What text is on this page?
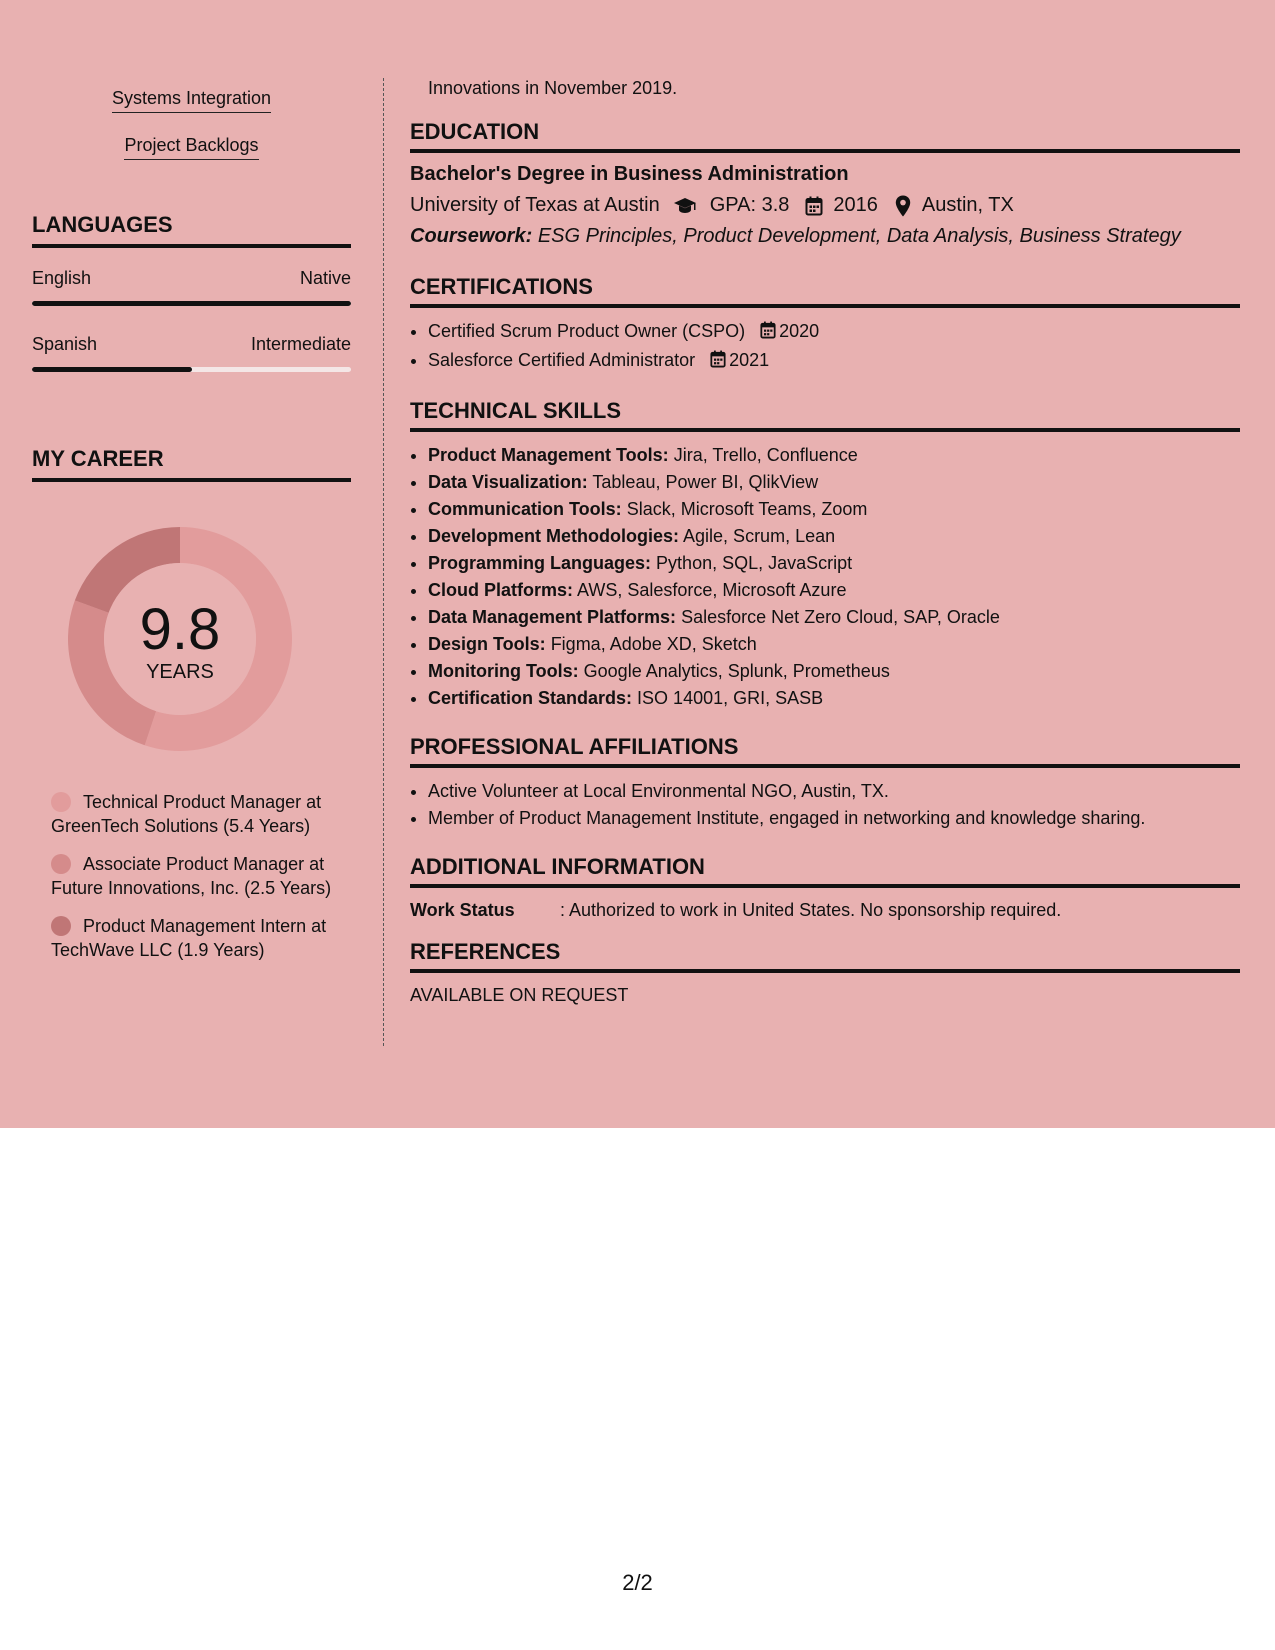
Systems Integration
Project Backlogs
LANGUAGES
English	Native
Spanish	Intermediate
MY CAREER
9.8
YEARS
Technical Product Manager at GreenTech Solutions (5.4 Years)
Associate Product Manager at Future Innovations, Inc. (2.5 Years)
Product Management Intern at TechWave LLC (1.9 Years)

Innovations in November 2019.

EDUCATION
Bachelor's Degree in Business Administration
University of Texas at Austin	GPA: 3.8 2016 Austin, TX
Coursework: ESG Principles, Product Development, Data Analysis, Business Strategy
CERTIFICATIONS
• Certified Scrum Product Owner (CSPO) 2020
• Salesforce Certified Administrator 2021
TECHNICAL SKILLS
• Product Management Tools: Jira, Trello, Confluence
• Data Visualization: Tableau, Power BI, QlikView
• Communication Tools: Slack, Microsoft Teams, Zoom
• Development Methodologies: Agile, Scrum, Lean
• Programming Languages: Python, SQL, JavaScript
• Cloud Platforms: AWS, Salesforce, Microsoft Azure
• Data Management Platforms: Salesforce Net Zero Cloud, SAP, Oracle
• Design Tools: Figma, Adobe XD, Sketch
• Monitoring Tools: Google Analytics, Splunk, Prometheus
• Certification Standards: ISO 14001, GRI, SASB
PROFESSIONAL AFFILIATIONS
• Active Volunteer at Local Environmental NGO, Austin, TX.
• Member of Product Management Institute, engaged in networking and knowledge sharing.
ADDITIONAL INFORMATION
Work Status	: Authorized to work in United States. No sponsorship required.
REFERENCES
AVAILABLE ON REQUEST
2/2
